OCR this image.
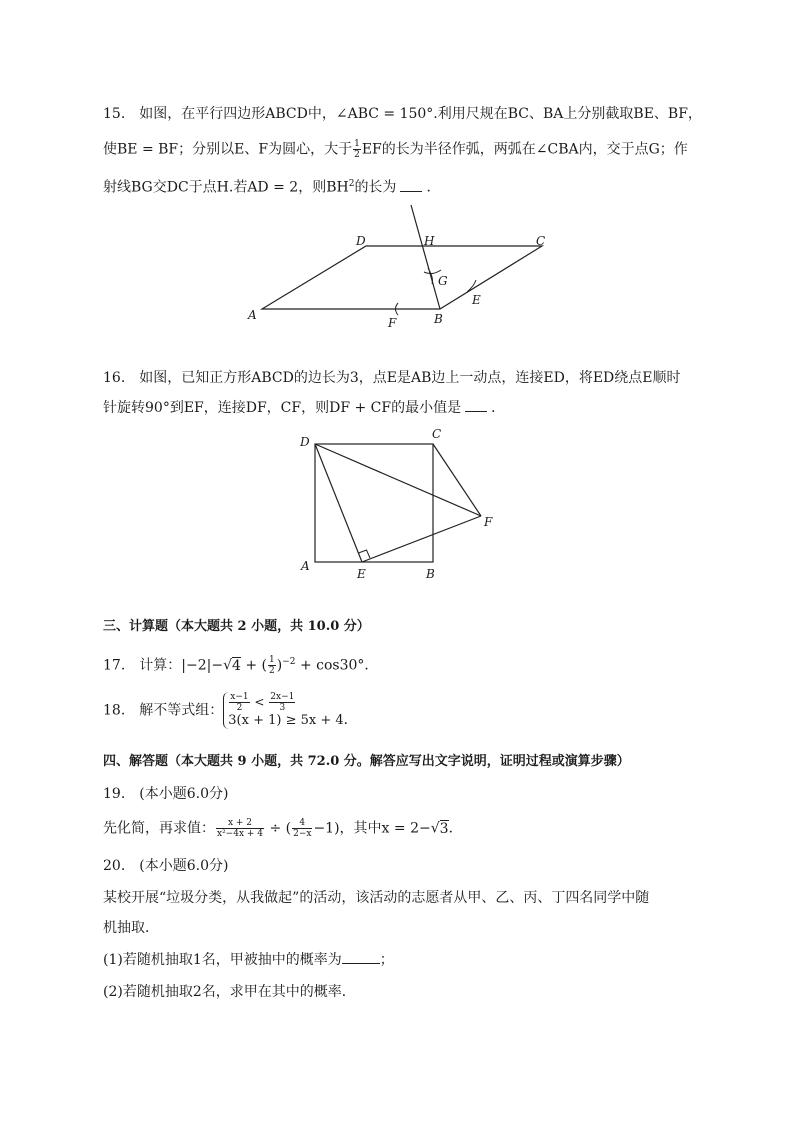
15.　如图，在平行四边形ABCD中，∠ABC = 150°.利用尺规在BC、BA上分别截取BE、BF，
使BE = BF；分别以E、F为圆心，大于 $\frac{1}{2}$ EF的长为半径作弧，两弧在∠CBA内，交于点G；作
射线BG交DC于点H.若AD = 2，则$BH^2$的长为 ．
D	H	C
G
E
A
F	B
16.　如图，已知正方形ABCD的边长为3，点E是AB边上一动点，连接ED，将ED绕点E顺时
针旋转90°到EF，连接DF，CF，则DF + CF的最小值是 ．
D
C
F
A
E	B
三、计算题（本大题共 2 小题，共 10.0 分）
17.　计算：|−2|−√4 + ( $\frac{1}{2} )^{-2} + \cos 30^\circ$．
18.　解不等式组： $\frac{x-1}{2} < \frac{2x-1}{3}$
3(x + 1) ≥ 5x + 4 ．
四、解答题（本大题共 9 小题，共 72.0 分。解答应写出文字说明，证明过程或演算步骤）
19.　(本小题6.0分)
先化简，再求值： $\frac{x + 2}{\text{x²−4x + 4}}$ ÷ ( $\frac{4}{2-x} -1$)，其中x = 2−√3．
20.　(本小题6.0分)
某校开展“垃圾分类，从我做起”的活动，该活动的志愿者从甲、乙、丙、丁四名同学中随
机抽取．
(1)若随机抽取1名，甲被抽中的概率为	；
(2)若随机抽取2名，求甲在其中的概率．
